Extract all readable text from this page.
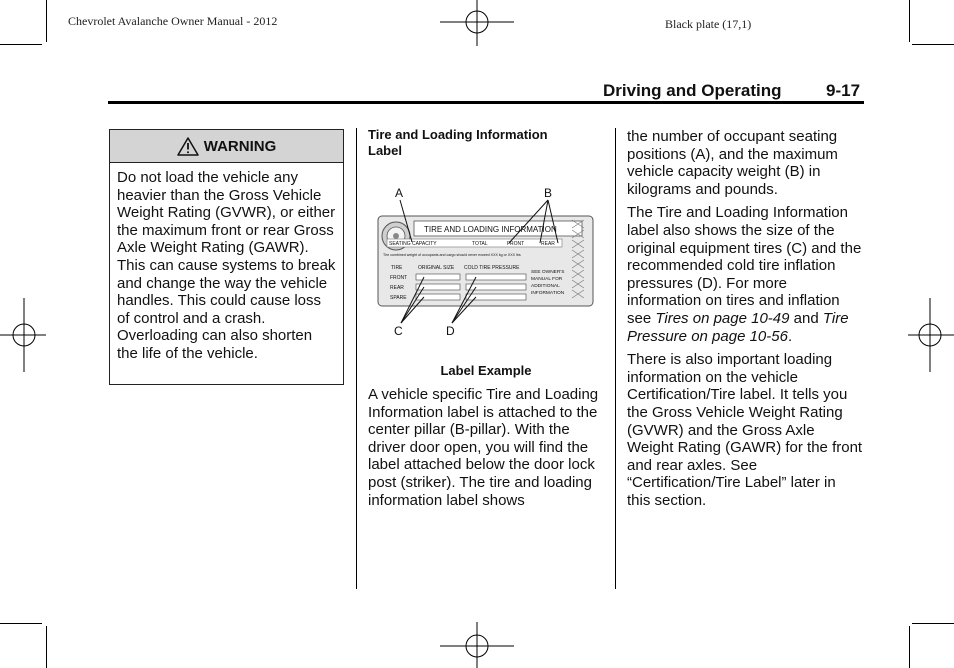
Chevrolet Avalanche Owner Manual - 2012	Black plate (17,1)
Driving and Operating	9-17
WARNING
Do not load the vehicle any heavier than the Gross Vehicle Weight Rating (GVWR), or either the maximum front or rear Gross Axle Weight Rating (GAWR). This can cause systems to break and change the way the vehicle handles. This could cause loss of control and a crash. Overloading can also shorten the life of the vehicle.
Tire and Loading Information Label
TIRE AND LOADING INFORMATION
SEATING CAPACITY	TOTAL	FRONT	REAR
The combined weight of occupants and cargo should never exceed XXX kg or XXX lbs
TIRE	ORIGINAL SIZE COLD TIRE PRESSURE
FRONT
REAR
SPARE
SEE OWNER'S
MANUAL FOR
ADDITIONAL
INFORMATION
A	B
C	D
Label Example
A vehicle specific Tire and Loading Information label is attached to the center pillar (B-pillar). With the driver door open, you will find the label attached below the door lock post (striker). The tire and loading information label shows

the number of occupant seating positions (A), and the maximum vehicle capacity weight (B) in kilograms and pounds.

The Tire and Loading Information label also shows the size of the original equipment tires (C) and the recommended cold tire inflation pressures (D). For more information on tires and inflation see Tires on page 10-49 and Tire Pressure on page 10-56.

There is also important loading information on the vehicle Certification/Tire label. It tells you the Gross Vehicle Weight Rating (GVWR) and the Gross Axle Weight Rating (GAWR) for the front and rear axles. See “Certification/Tire Label” later in this section.
